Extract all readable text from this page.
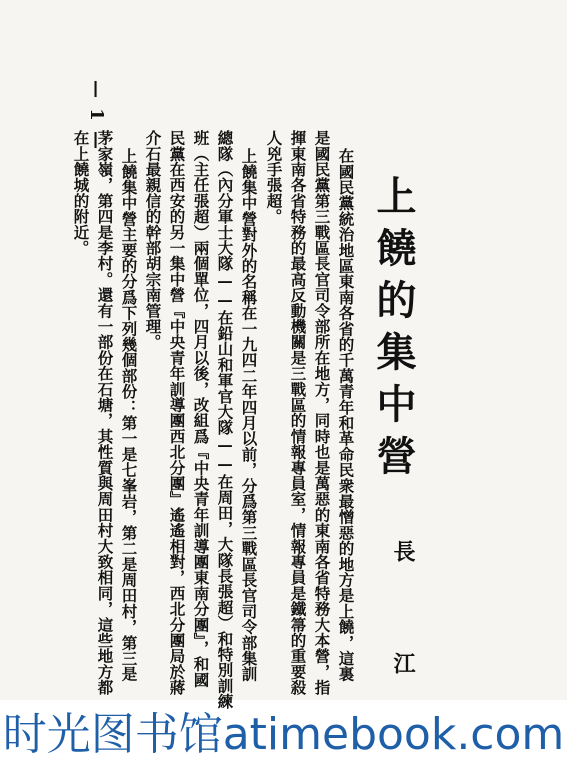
上饒的集中營
長　江
在國民黨統治地區東南各省的千萬青年和革命民衆最憎惡的地方是上饒，這裏
是國民黨第三戰區長官司令部所在地方，同時也是萬惡的東南各省特務大本營，指
揮東南各省特務的最高反動機關是三戰區的情報專員室，情報專員是鐵箒的重要殺
人兇手張超。
上饒集中營對外的名稱在一九四二年四月以前，分爲第三戰區長官司令部集訓
總隊（內分軍士大隊——在鉛山和軍官大隊——在周田，大隊長張超）和特別訓練
班（主任張超）兩個單位，四月以後，改組爲『中央青年訓導團東南分團』，和國
民黨在西安的另一集中營『中央青年訓導團西北分團』遙遙相對，西北分團局於蔣
介石最親信的幹部胡宗南管理。
上饒集中營主要的分爲下列幾個部份：第一是七峯岩，第二是周田村，第三是
茅家嶺，第四是李村。還有一部份在石塘，其性質與周田村大致相同，這些地方都
在上饒城的附近。
— 1 —
时光图书馆atimebook.com
